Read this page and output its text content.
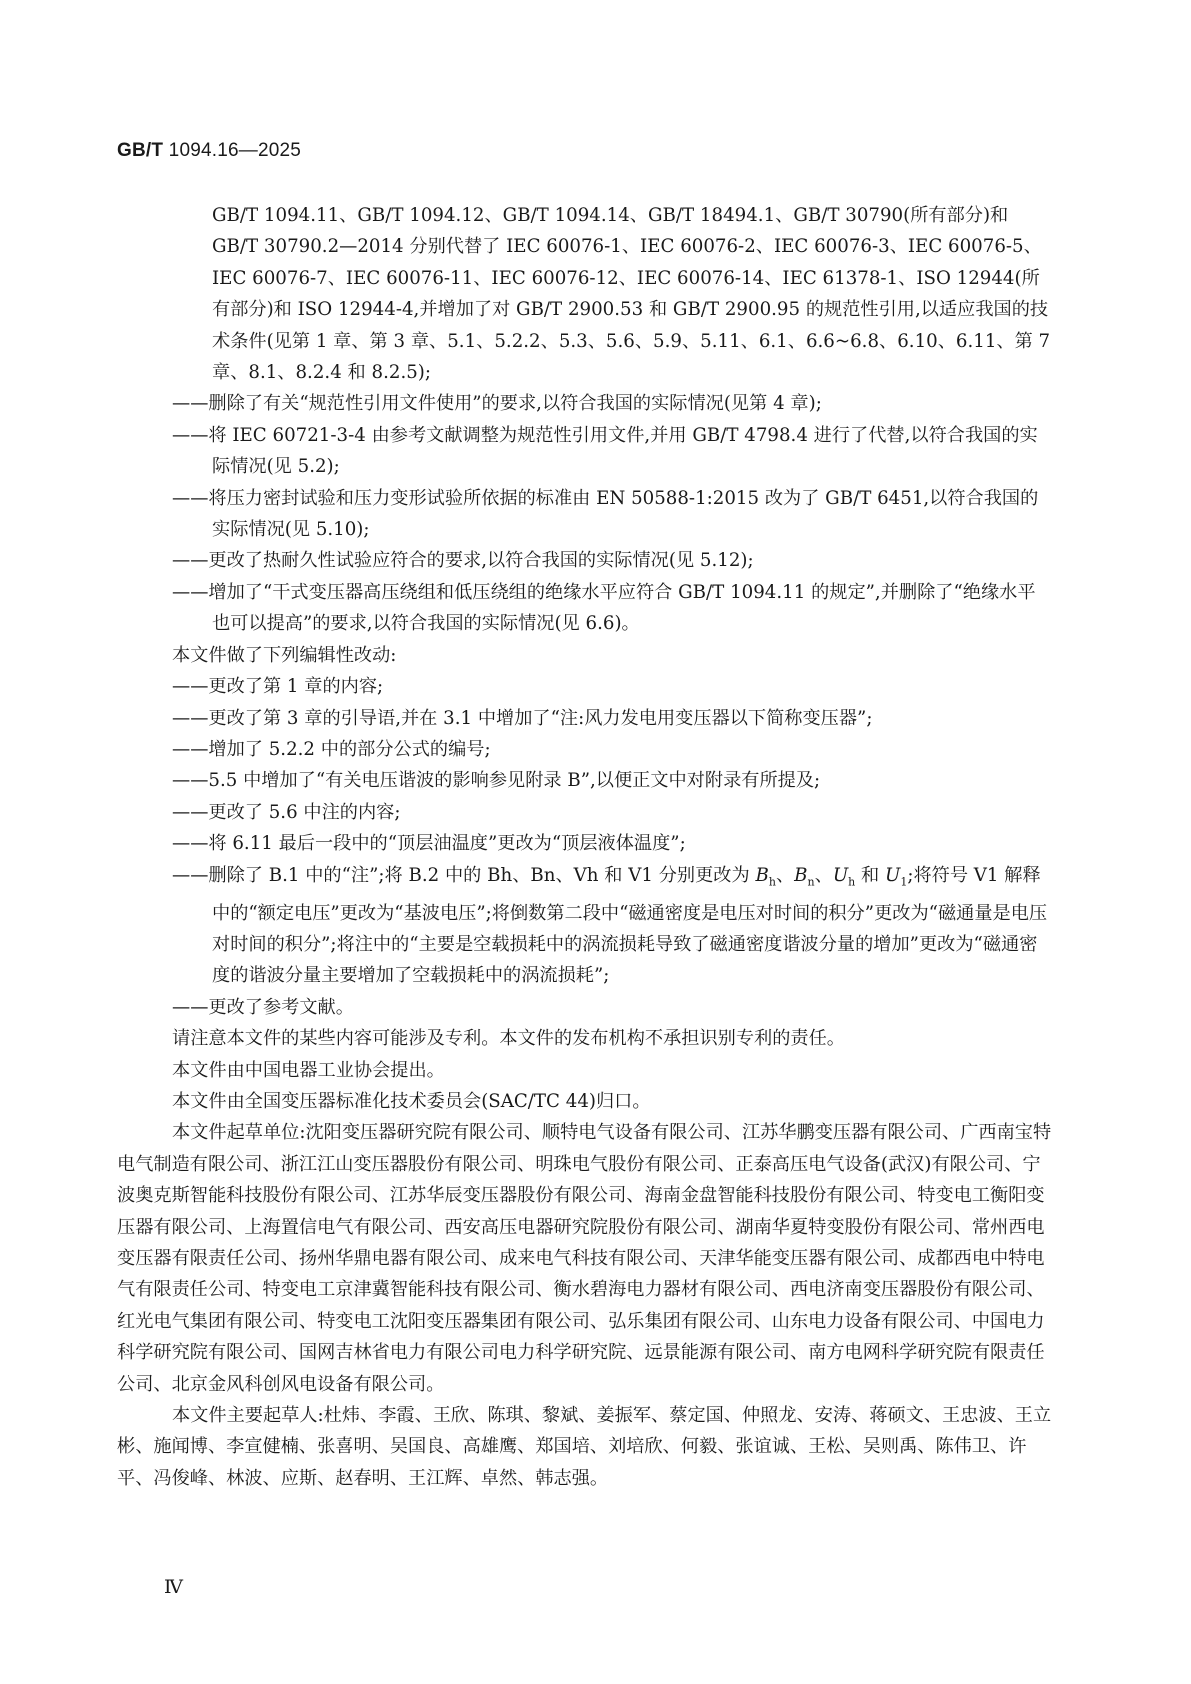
GB/T 1094.16—2025

GB/T 1094.11、GB/T 1094.12、GB/T 1094.14、GB/T 18494.1、GB/T 30790(所有部分)和GB/T 30790.2—2014 分别代替了 IEC 60076-1、IEC 60076-2、IEC 60076-3、IEC 60076-5、IEC 60076-7、IEC 60076-11、IEC 60076-12、IEC 60076-14、IEC 61378-1、ISO 12944(所有部分)和 ISO 12944-4,并增加了对 GB/T 2900.53 和 GB/T 2900.95 的规范性引用,以适应我国的技术条件(见第 1 章、第 3 章、5.1、5.2.2、5.3、5.6、5.9、5.11、6.1、6.6~6.8、6.10、6.11、第 7 章、8.1、8.2.4 和 8.2.5);

——删除了有关“规范性引用文件使用”的要求,以符合我国的实际情况(见第 4 章);

——将 IEC 60721-3-4 由参考文献调整为规范性引用文件,并用 GB/T 4798.4 进行了代替,以符合我国的实际情况(见 5.2);

——将压力密封试验和压力变形试验所依据的标准由 EN 50588-1:2015 改为了 GB/T 6451,以符合我国的实际情况(见 5.10);

——更改了热耐久性试验应符合的要求,以符合我国的实际情况(见 5.12);

——增加了“干式变压器高压绕组和低压绕组的绝缘水平应符合 GB/T 1094.11 的规定”,并删除了“绝缘水平也可以提高”的要求,以符合我国的实际情况(见 6.6)。

本文件做了下列编辑性改动:

——更改了第 1 章的内容;

——更改了第 3 章的引导语,并在 3.1 中增加了“注:风力发电用变压器以下简称变压器”;

——增加了 5.2.2 中的部分公式的编号;

——5.5 中增加了“有关电压谐波的影响参见附录 B”,以便正文中对附录有所提及;

——更改了 5.6 中注的内容;

——将 6.11 最后一段中的“顶层油温度”更改为“顶层液体温度”;

——删除了 B.1 中的“注”;将 B.2 中的 Bh、Bn、Vh 和 V1 分别更改为 $B_h$、$B_n$、$U_h$ 和 $U_1$;将符号 V1 解释中的“额定电压”更改为“基波电压”;将倒数第二段中“磁通密度是电压对时间的积分”更改为“磁通量是电压对时间的积分”;将注中的“主要是空载损耗中的涡流损耗导致了磁通密度谐波分量的增加”更改为“磁通密度的谐波分量主要增加了空载损耗中的涡流损耗”;

——更改了参考文献。

请注意本文件的某些内容可能涉及专利。本文件的发布机构不承担识别专利的责任。

本文件由中国电器工业协会提出。

本文件由全国变压器标准化技术委员会(SAC/TC 44)归口。

本文件起草单位:沈阳变压器研究院有限公司、顺特电气设备有限公司、江苏华鹏变压器有限公司、广西南宝特电气制造有限公司、浙江江山变压器股份有限公司、明珠电气股份有限公司、正泰高压电气设备(武汉)有限公司、宁波奥克斯智能科技股份有限公司、江苏华辰变压器股份有限公司、海南金盘智能科技股份有限公司、特变电工衡阳变压器有限公司、上海置信电气有限公司、西安高压电器研究院股份有限公司、湖南华夏特变股份有限公司、常州西电变压器有限责任公司、扬州华鼎电器有限公司、成来电气科技有限公司、天津华能变压器有限公司、成都西电中特电气有限责任公司、特变电工京津冀智能科技有限公司、衡水碧海电力器材有限公司、西电济南变压器股份有限公司、红光电气集团有限公司、特变电工沈阳变压器集团有限公司、弘乐集团有限公司、山东电力设备有限公司、中国电力科学研究院有限公司、国网吉林省电力有限公司电力科学研究院、远景能源有限公司、南方电网科学研究院有限责任公司、北京金风科创风电设备有限公司。

本文件主要起草人:杜炜、李霞、王欣、陈琪、黎斌、姜振军、蔡定国、仲照龙、安涛、蒋硕文、王忠波、王立彬、施闻博、李宣健楠、张喜明、吴国良、高雄鹰、郑国培、刘培欣、何毅、张谊诚、王松、吴则禹、陈伟卫、许平、冯俊峰、林波、应斯、赵春明、王江辉、卓然、韩志强。

Ⅳ
